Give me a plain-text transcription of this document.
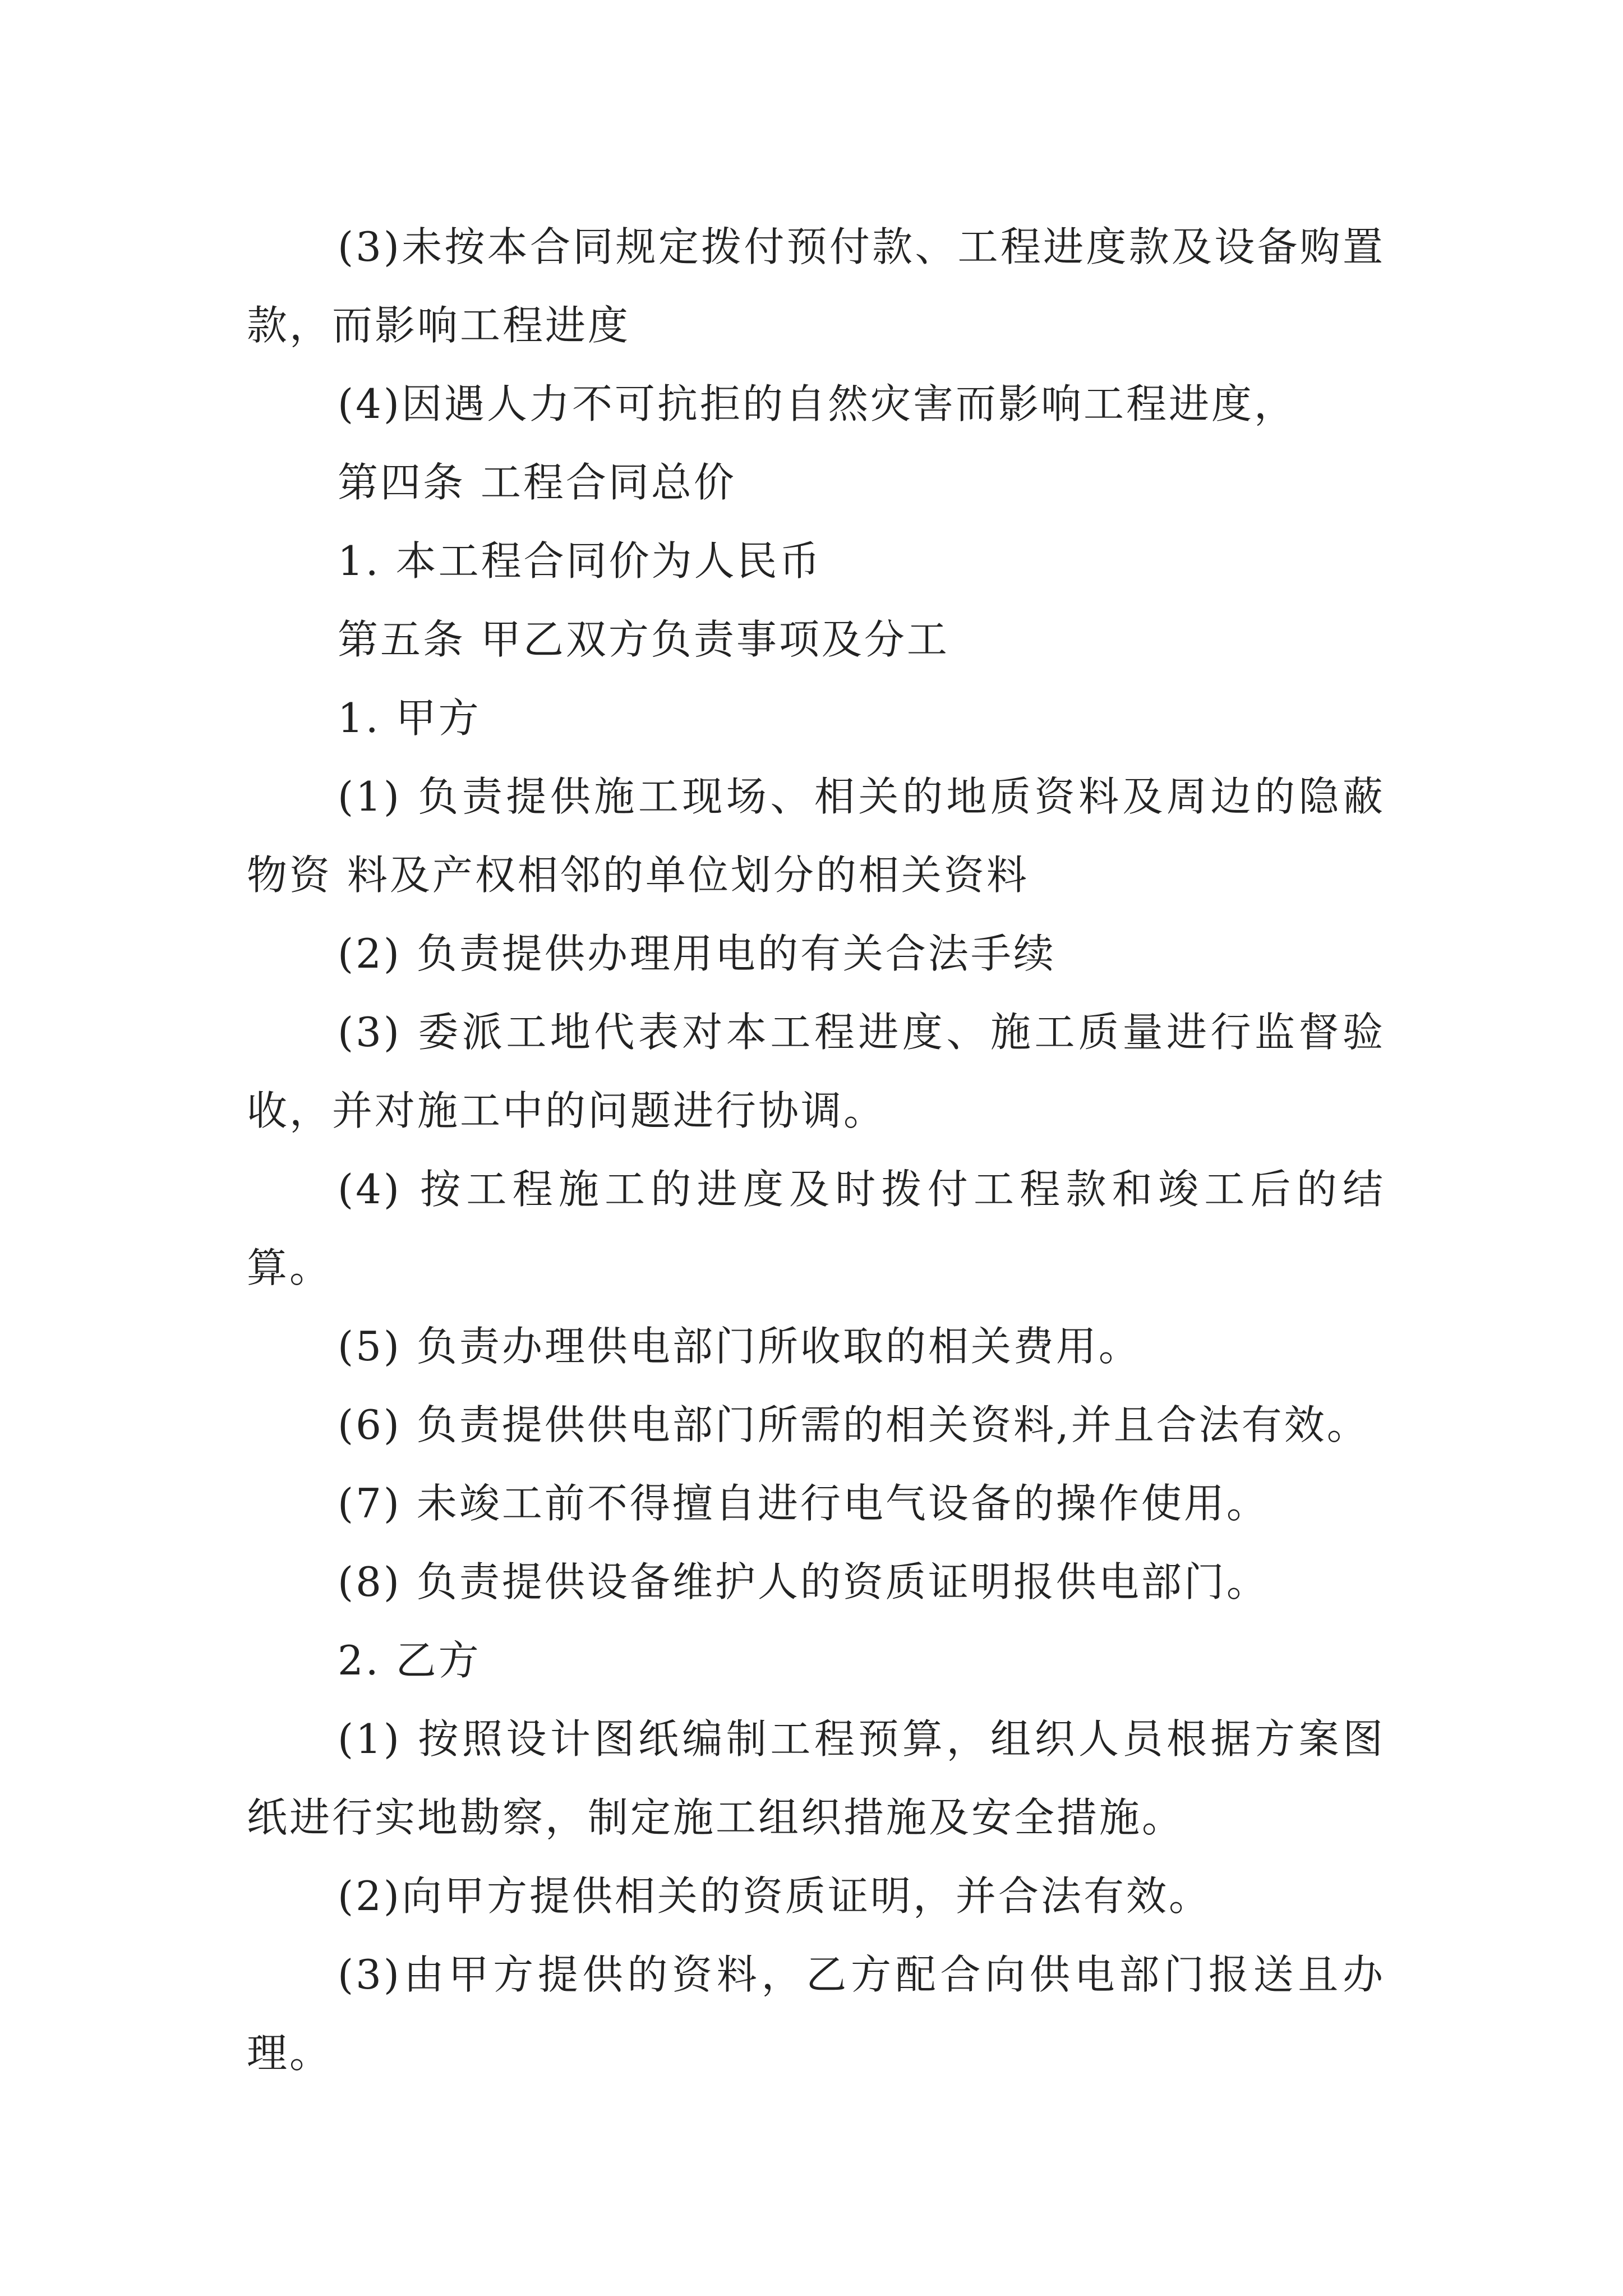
(3)未按本合同规定拨付预付款、工程进度款及设备购置款，而影响工程进度

(4)因遇人力不可抗拒的自然灾害而影响工程进度，

第四条 工程合同总价

1. 本工程合同价为人民币

第五条 甲乙双方负责事项及分工

1. 甲方

(1) 负责提供施工现场、相关的地质资料及周边的隐蔽物资 料及产权相邻的单位划分的相关资料

(2) 负责提供办理用电的有关合法手续

(3) 委派工地代表对本工程进度、施工质量进行监督验收，并对施工中的问题进行协调。

(4) 按工程施工的进度及时拨付工程款和竣工后的结算。

(5) 负责办理供电部门所收取的相关费用。

(6) 负责提供供电部门所需的相关资料,并且合法有效。

(7) 未竣工前不得擅自进行电气设备的操作使用。

(8) 负责提供设备维护人的资质证明报供电部门。

2. 乙方

(1) 按照设计图纸编制工程预算，组织人员根据方案图纸进行实地勘察，制定施工组织措施及安全措施。

(2)向甲方提供相关的资质证明，并合法有效。

(3)由甲方提供的资料，乙方配合向供电部门报送且办理。
